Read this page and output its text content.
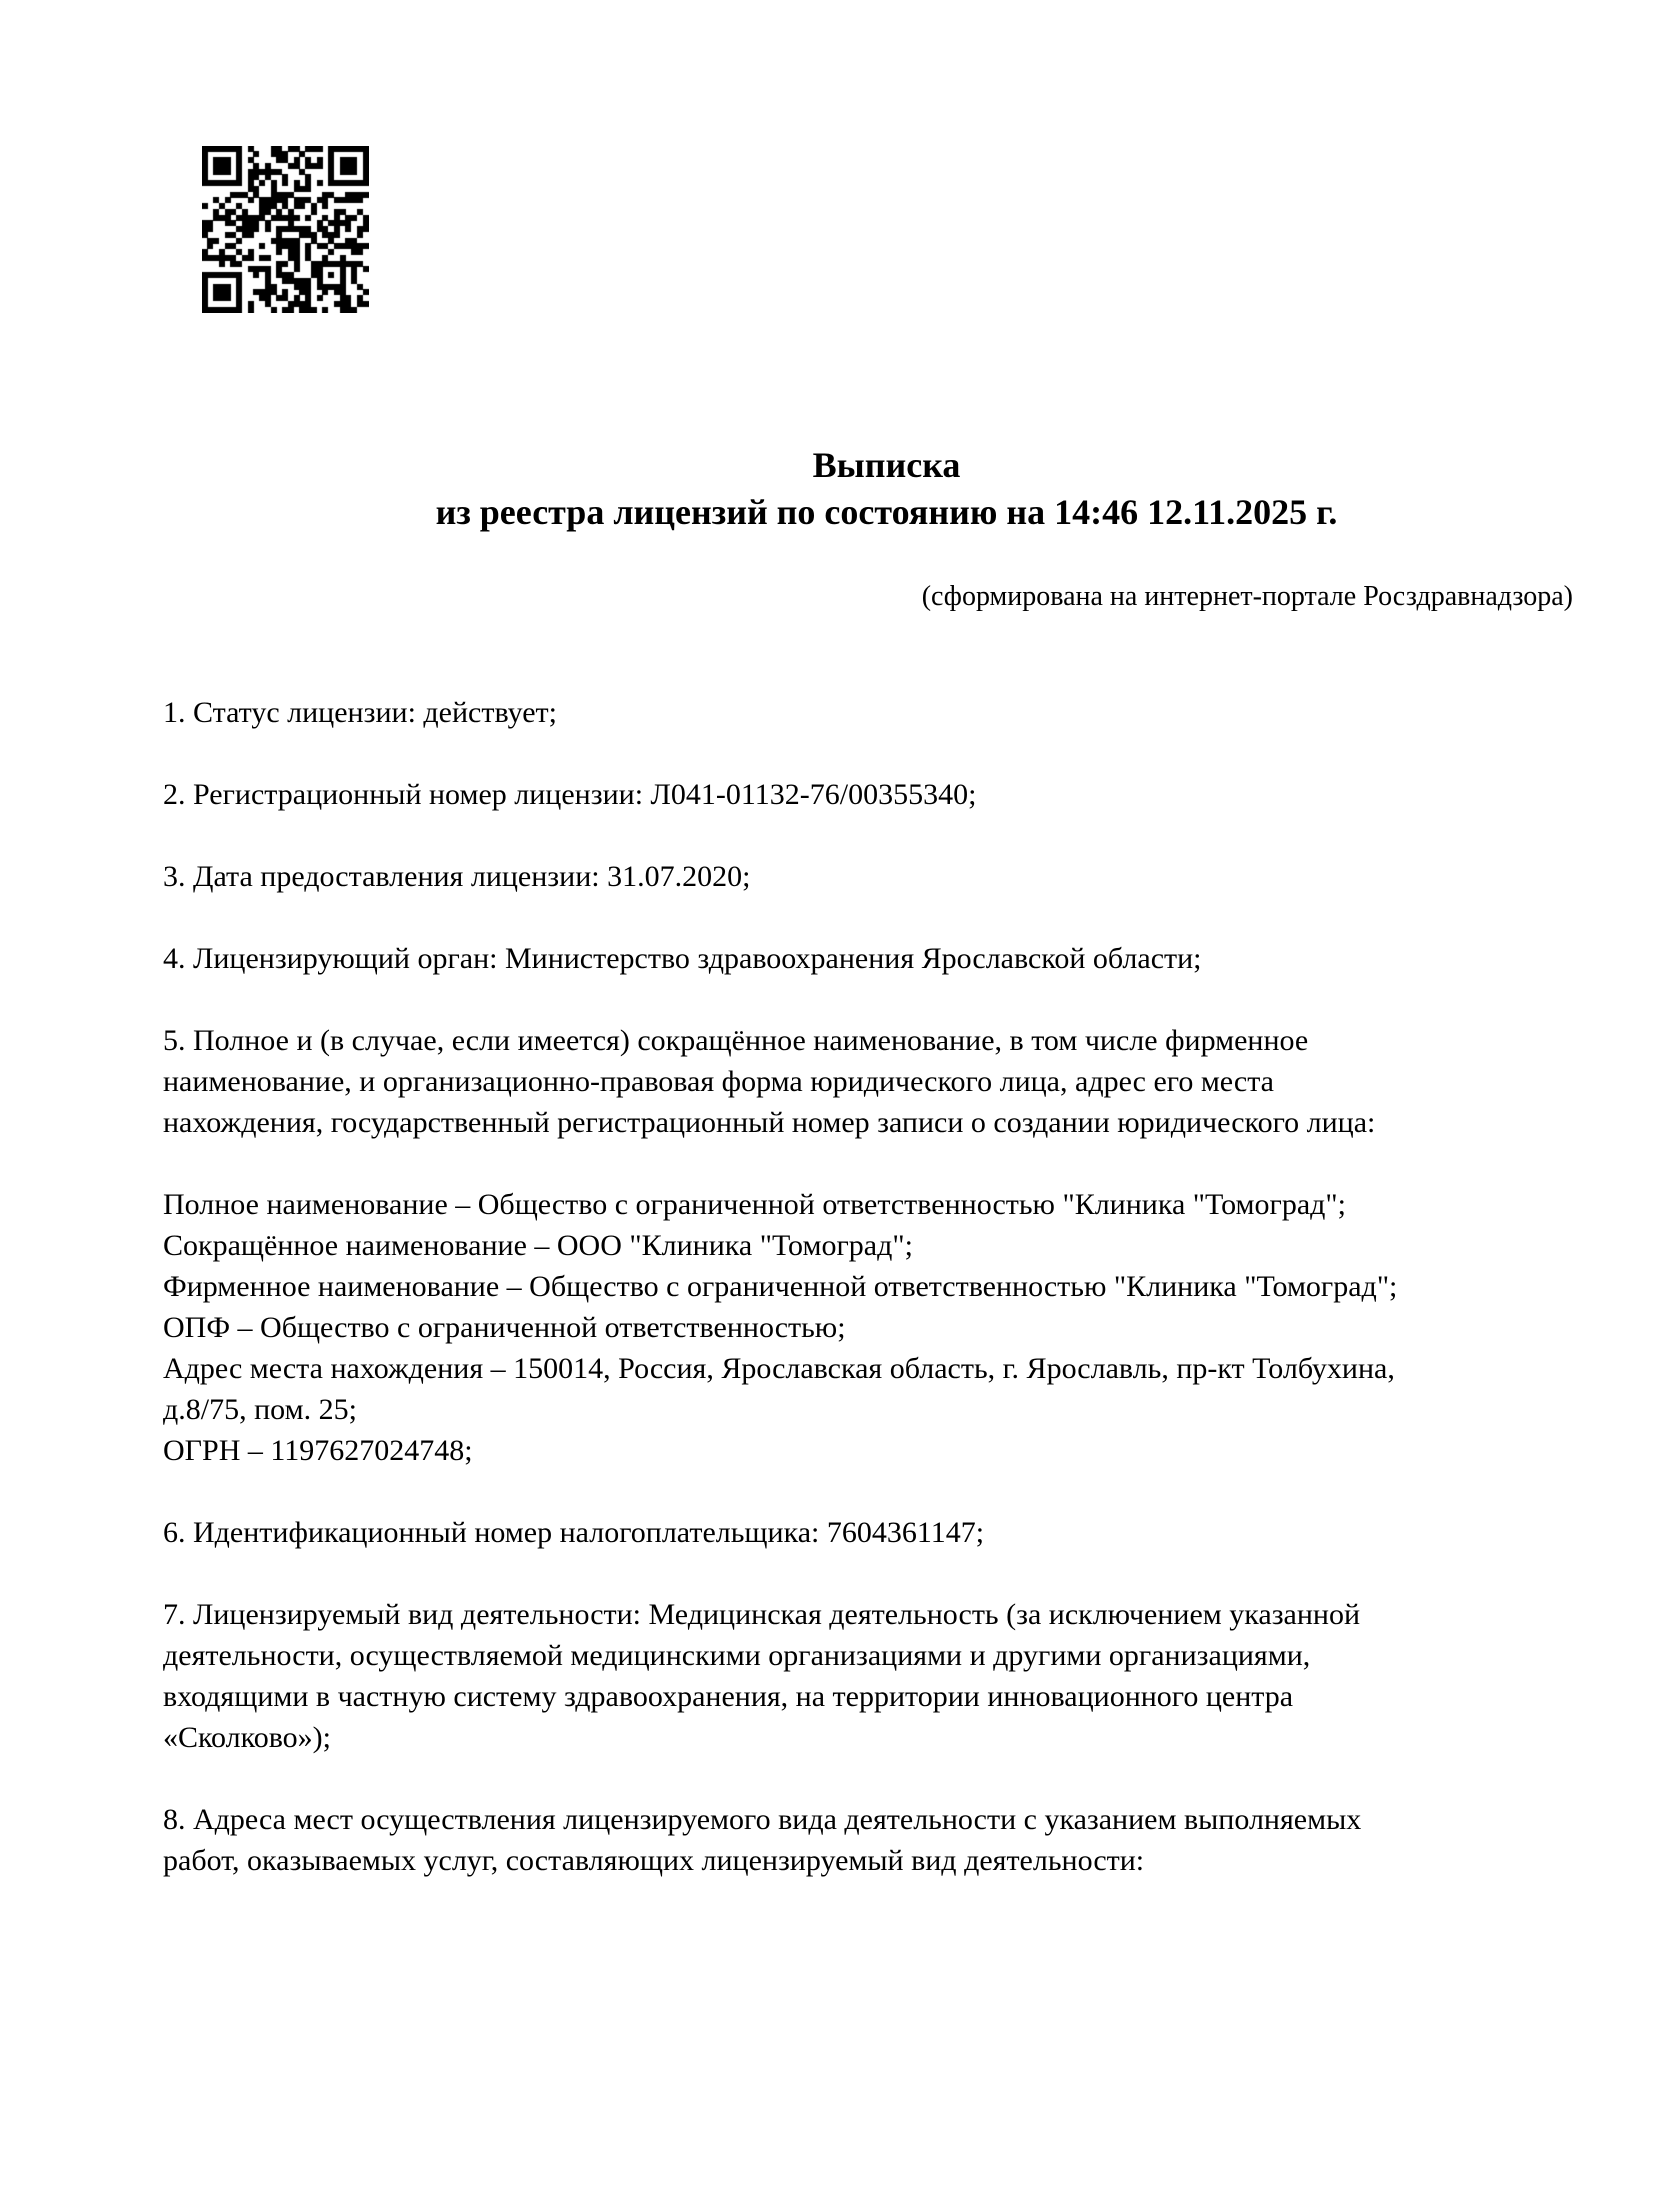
Выписка
из реестра лицензий по состоянию на 14:46 12.11.2025 г.
(сформирована на интернет-портале Росздравнадзора)
1. Статус лицензии: действует;
2. Регистрационный номер лицензии: Л041-01132-76/00355340;
3. Дата предоставления лицензии: 31.07.2020;
4. Лицензирующий орган: Министерство здравоохранения Ярославской области;
5. Полное и (в случае, если имеется) сокращённое наименование, в том числе фирменное
наименование, и организационно-правовая форма юридического лица, адрес его места
нахождения, государственный регистрационный номер записи о создании юридического лица:
Полное наименование – Общество с ограниченной ответственностью "Клиника "Томоград";
Сокращённое наименование – ООО "Клиника "Томоград";
Фирменное наименование – Общество с ограниченной ответственностью "Клиника "Томоград";
ОПФ – Общество с ограниченной ответственностью;
Адрес места нахождения – 150014, Россия, Ярославская область, г. Ярославль, пр-кт Толбухина,
д.8/75, пом. 25;
ОГРН – 1197627024748;
6. Идентификационный номер налогоплательщика: 7604361147;
7. Лицензируемый вид деятельности: Медицинская деятельность (за исключением указанной
деятельности, осуществляемой медицинскими организациями и другими организациями,
входящими в частную систему здравоохранения, на территории инновационного центра
«Сколково»);
8. Адреса мест осуществления лицензируемого вида деятельности с указанием выполняемых
работ, оказываемых услуг, составляющих лицензируемый вид деятельности:
